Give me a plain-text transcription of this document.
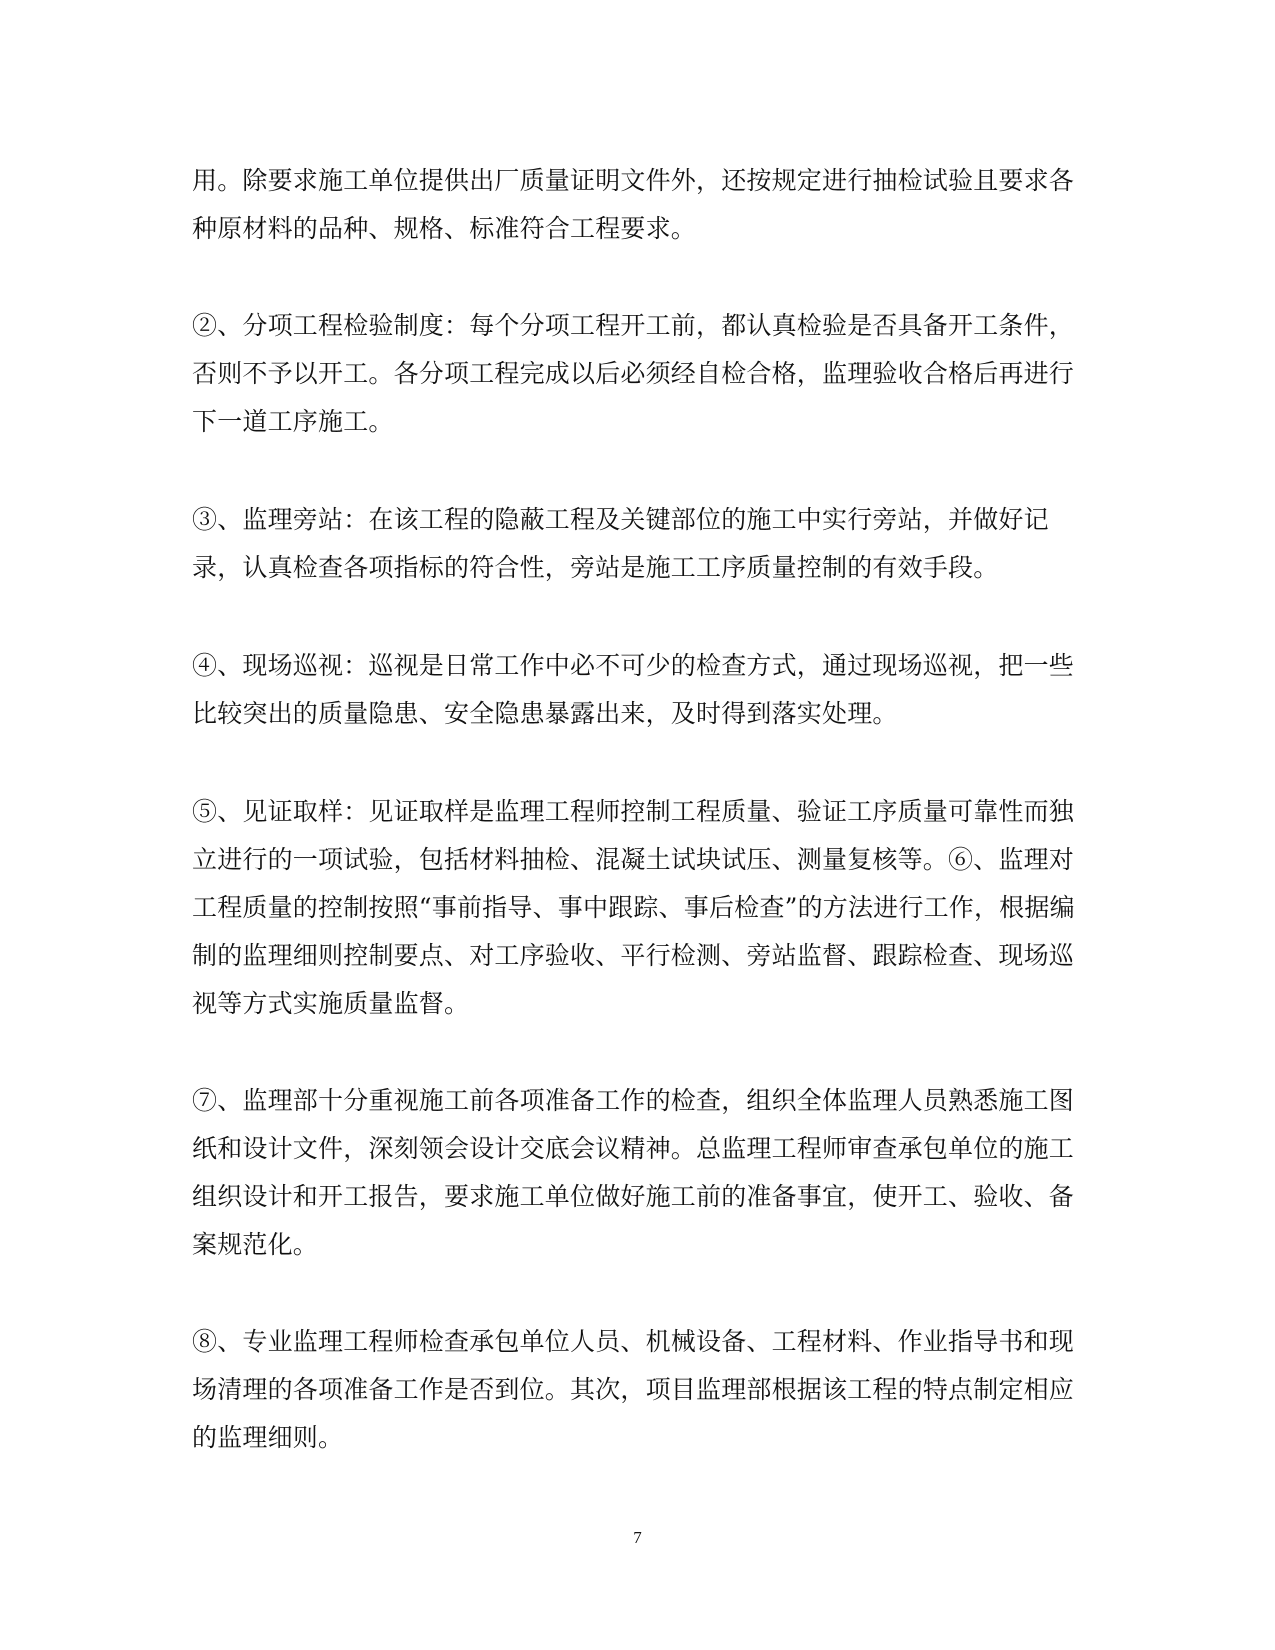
用。除要求施工单位提供出厂质量证明文件外，还按规定进行抽检试验且要求各种原材料的品种、规格、标准符合工程要求。

②、分项工程检验制度：每个分项工程开工前，都认真检验是否具备开工条件，否则不予以开工。各分项工程完成以后必须经自检合格，监理验收合格后再进行下一道工序施工。

③、监理旁站：在该工程的隐蔽工程及关键部位的施工中实行旁站，并做好记录，认真检查各项指标的符合性，旁站是施工工序质量控制的有效手段。

④、现场巡视：巡视是日常工作中必不可少的检查方式，通过现场巡视，把一些比较突出的质量隐患、安全隐患暴露出来，及时得到落实处理。

⑤、见证取样：见证取样是监理工程师控制工程质量、验证工序质量可靠性而独立进行的一项试验，包括材料抽检、混凝土试块试压、测量复核等。⑥、监理对工程质量的控制按照“事前指导、事中跟踪、事后检查”的方法进行工作，根据编制的监理细则控制要点、对工序验收、平行检测、旁站监督、跟踪检查、现场巡视等方式实施质量监督。

⑦、监理部十分重视施工前各项准备工作的检查，组织全体监理人员熟悉施工图纸和设计文件，深刻领会设计交底会议精神。总监理工程师审查承包单位的施工组织设计和开工报告，要求施工单位做好施工前的准备事宜，使开工、验收、备案规范化。

⑧、专业监理工程师检查承包单位人员、机械设备、工程材料、作业指导书和现场清理的各项准备工作是否到位。其次，项目监理部根据该工程的特点制定相应的监理细则。

7
